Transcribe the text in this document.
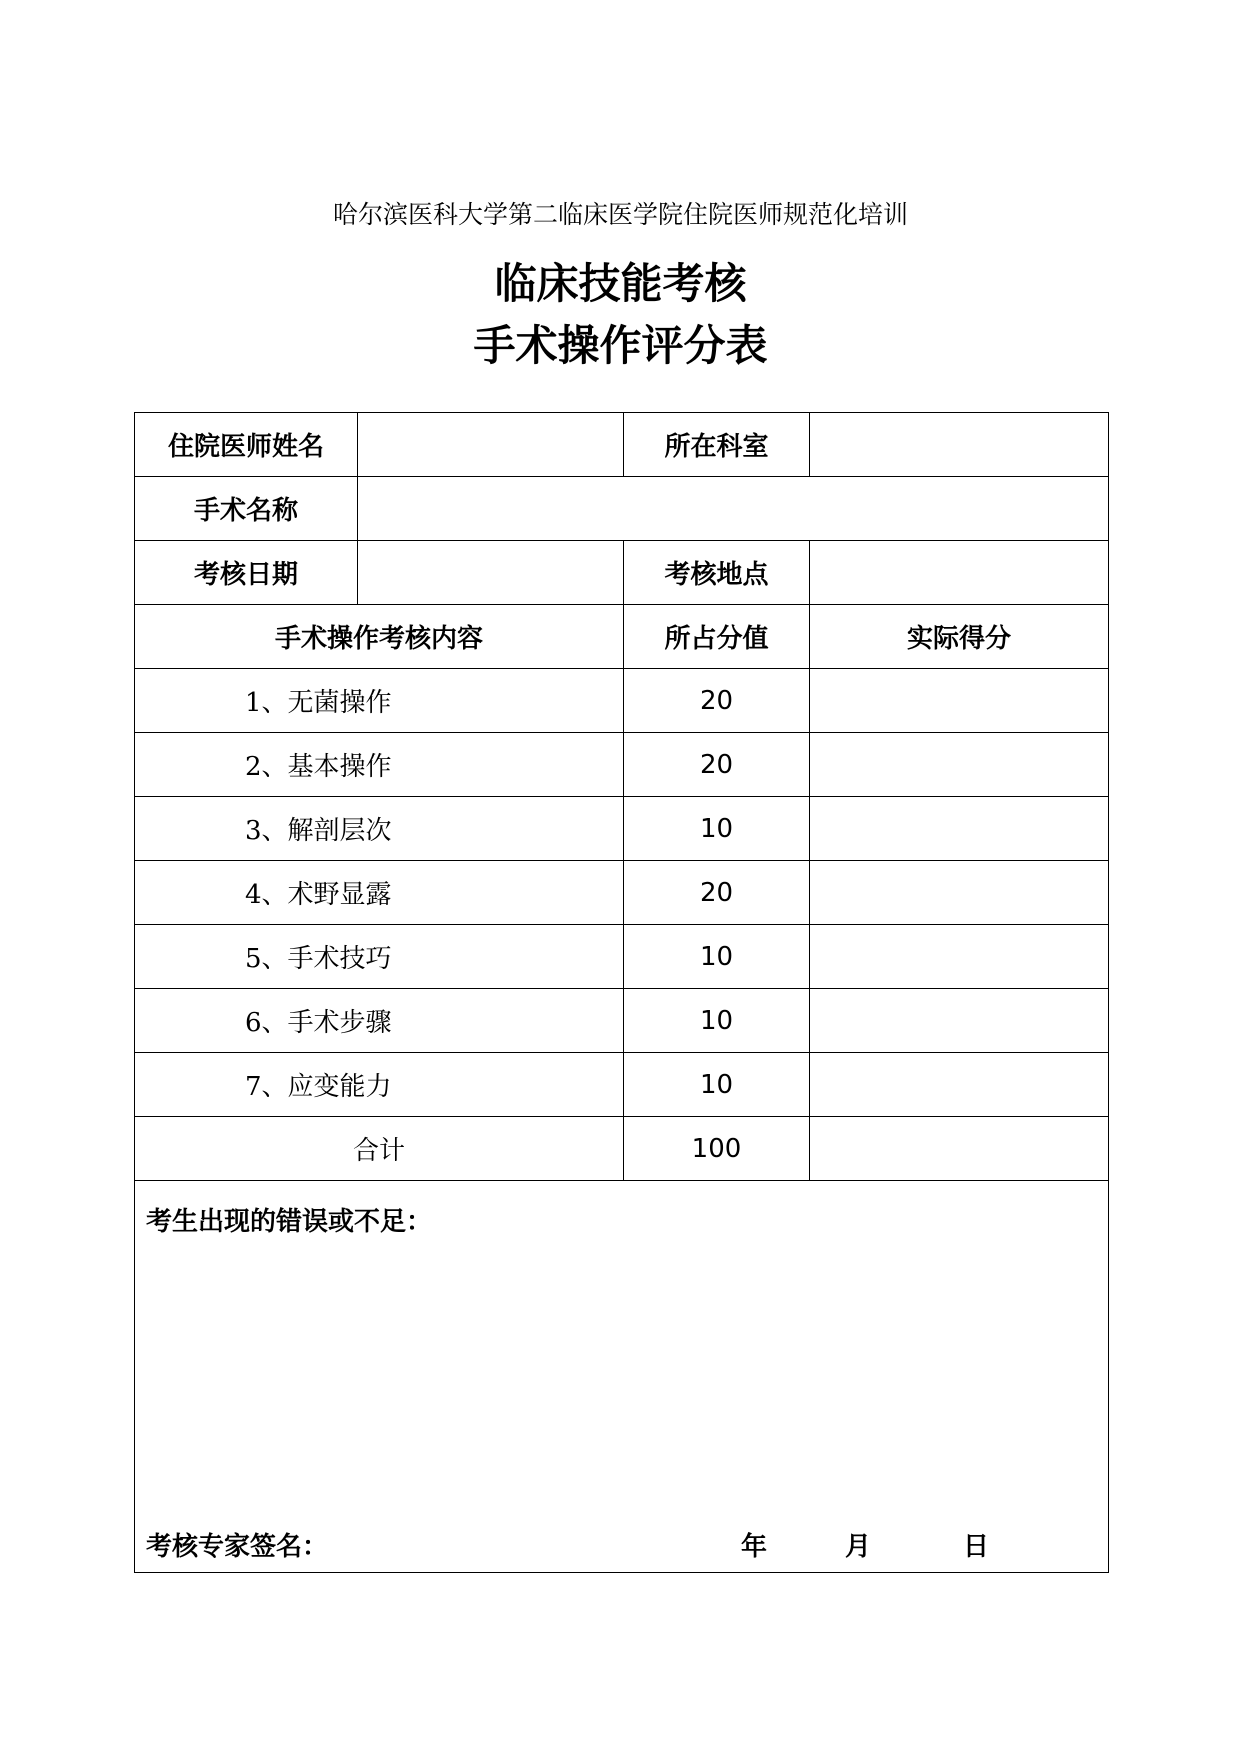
哈尔滨医科大学第二临床医学院住院医师规范化培训
临床技能考核
手术操作评分表
住院医师姓名		所在科室	
手术名称			
考核日期		考核地点	
手术操作考核内容		所占分值	实际得分
1、无菌操作		20	
2、基本操作		20	
3、解剖层次		10	
4、术野显露		20	
5、手术技巧		10	
6、手术步骤		10	
7、应变能力		10	
合计		100	

考生出现的错误或不足：
考核专家签名： 年 月 日			
